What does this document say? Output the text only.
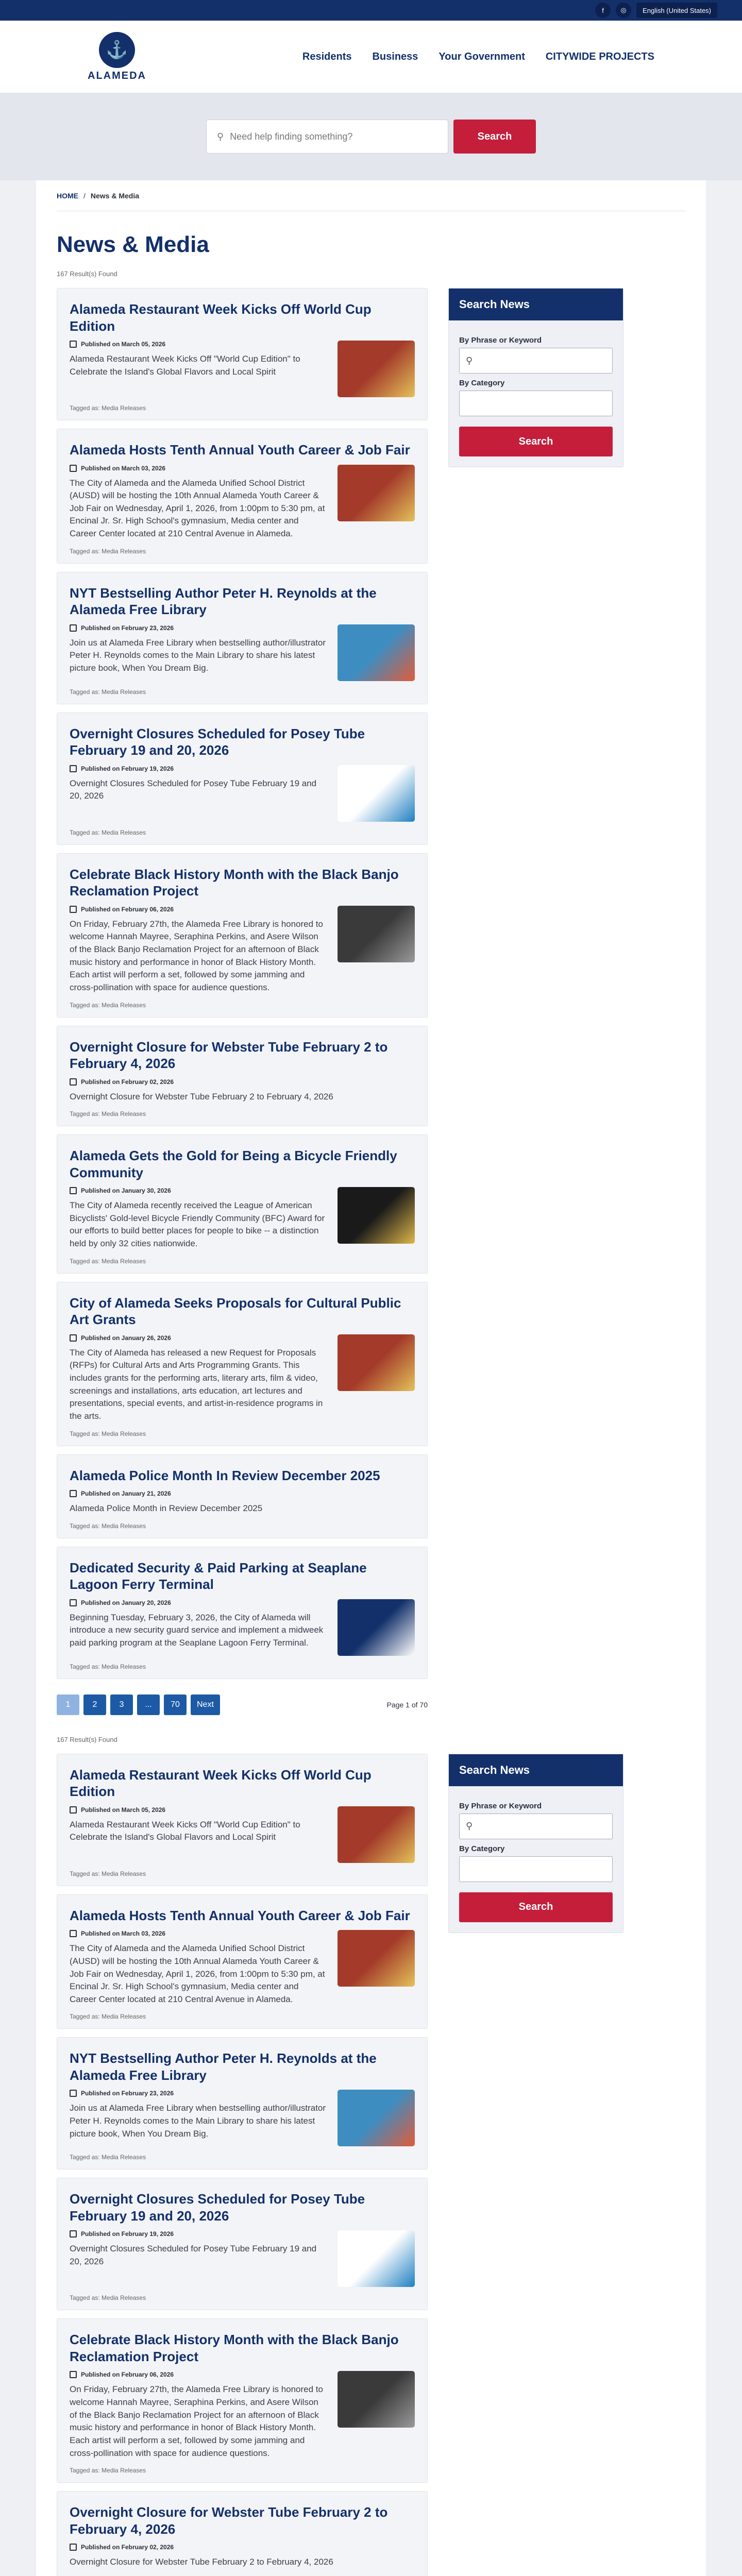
f	◎	English (United States)
⚓
ALAMEDA
Residents Business Your Government CITYWIDE PROJECTS
⚲ Need help finding something?	Search
HOME / News & Media
News & Media
167 Result(s) Found
Alameda Restaurant Week Kicks Off World Cup Edition
Published on March 05, 2026
Alameda Restaurant Week Kicks Off "World Cup Edition" to Celebrate the Island's Global Flavors and Local Spirit
Tagged as: Media Releases
Alameda Hosts Tenth Annual Youth Career & Job Fair
Published on March 03, 2026
The City of Alameda and the Alameda Unified School District (AUSD) will be hosting the 10th Annual Alameda Youth Career & Job Fair on Wednesday, April 1, 2026, from 1:00pm to 5:30 pm, at Encinal Jr. Sr. High School's gymnasium, Media center and Career Center located at 210 Central Avenue in Alameda.
Tagged as: Media Releases
NYT Bestselling Author Peter H. Reynolds at the Alameda Free Library
Published on February 23, 2026
Join us at Alameda Free Library when bestselling author/illustrator Peter H. Reynolds comes to the Main Library to share his latest picture book, When You Dream Big.
Tagged as: Media Releases
Overnight Closures Scheduled for Posey Tube February 19 and 20, 2026
Published on February 19, 2026
Overnight Closures Scheduled for Posey Tube February 19 and 20, 2026
Tagged as: Media Releases
Celebrate Black History Month with the Black Banjo Reclamation Project
Published on February 06, 2026
On Friday, February 27th, the Alameda Free Library is honored to welcome Hannah Mayree, Seraphina Perkins, and Asere Wilson of the Black Banjo Reclamation Project for an afternoon of Black music history and performance in honor of Black History Month. Each artist will perform a set, followed by some jamming and cross-pollination with space for audience questions.
Tagged as: Media Releases
Overnight Closure for Webster Tube February 2 to February 4, 2026
Published on February 02, 2026
Overnight Closure for Webster Tube February 2 to February 4, 2026
Tagged as: Media Releases
Alameda Gets the Gold for Being a Bicycle Friendly Community
Published on January 30, 2026
The City of Alameda recently received the League of American Bicyclists' Gold-level Bicycle Friendly Community (BFC) Award for our efforts to build better places for people to bike -- a distinction held by only 32 cities nationwide.
Tagged as: Media Releases
City of Alameda Seeks Proposals for Cultural Public Art Grants
Published on January 26, 2026
The City of Alameda has released a new Request for Proposals (RFPs) for Cultural Arts and Arts Programming Grants. This includes grants for the performing arts, literary arts, film & video, screenings and installations, arts education, art lectures and presentations, special events, and artist-in-residence programs in the arts.
Tagged as: Media Releases
Alameda Police Month In Review December 2025
Published on January 21, 2026
Alameda Police Month in Review December 2025
Tagged as: Media Releases
Dedicated Security & Paid Parking at Seaplane Lagoon Ferry Terminal
Published on January 20, 2026
Beginning Tuesday, February 3, 2026, the City of Alameda will introduce a new security guard service and implement a midweek paid parking program at the Seaplane Lagoon Ferry Terminal.
Tagged as: Media Releases
1	2	3	...	70	Next	Page 1 of 70
Search News
By Phrase or Keyword
⚲
By Category
Search
167 Result(s) Found
Alameda Restaurant Week Kicks Off World Cup Edition
Published on March 05, 2026
Alameda Restaurant Week Kicks Off "World Cup Edition" to Celebrate the Island's Global Flavors and Local Spirit
Tagged as: Media Releases
Alameda Hosts Tenth Annual Youth Career & Job Fair
Published on March 03, 2026
The City of Alameda and the Alameda Unified School District (AUSD) will be hosting the 10th Annual Alameda Youth Career & Job Fair on Wednesday, April 1, 2026, from 1:00pm to 5:30 pm, at Encinal Jr. Sr. High School's gymnasium, Media center and Career Center located at 210 Central Avenue in Alameda.
Tagged as: Media Releases
NYT Bestselling Author Peter H. Reynolds at the Alameda Free Library
Published on February 23, 2026
Join us at Alameda Free Library when bestselling author/illustrator Peter H. Reynolds comes to the Main Library to share his latest picture book, When You Dream Big.
Tagged as: Media Releases
Overnight Closures Scheduled for Posey Tube February 19 and 20, 2026
Published on February 19, 2026
Overnight Closures Scheduled for Posey Tube February 19 and 20, 2026
Tagged as: Media Releases
Celebrate Black History Month with the Black Banjo Reclamation Project
Published on February 06, 2026
On Friday, February 27th, the Alameda Free Library is honored to welcome Hannah Mayree, Seraphina Perkins, and Asere Wilson of the Black Banjo Reclamation Project for an afternoon of Black music history and performance in honor of Black History Month. Each artist will perform a set, followed by some jamming and cross-pollination with space for audience questions.
Tagged as: Media Releases
Overnight Closure for Webster Tube February 2 to February 4, 2026
Published on February 02, 2026
Overnight Closure for Webster Tube February 2 to February 4, 2026
Search News
By Phrase or Keyword
⚲
By Category
Search
